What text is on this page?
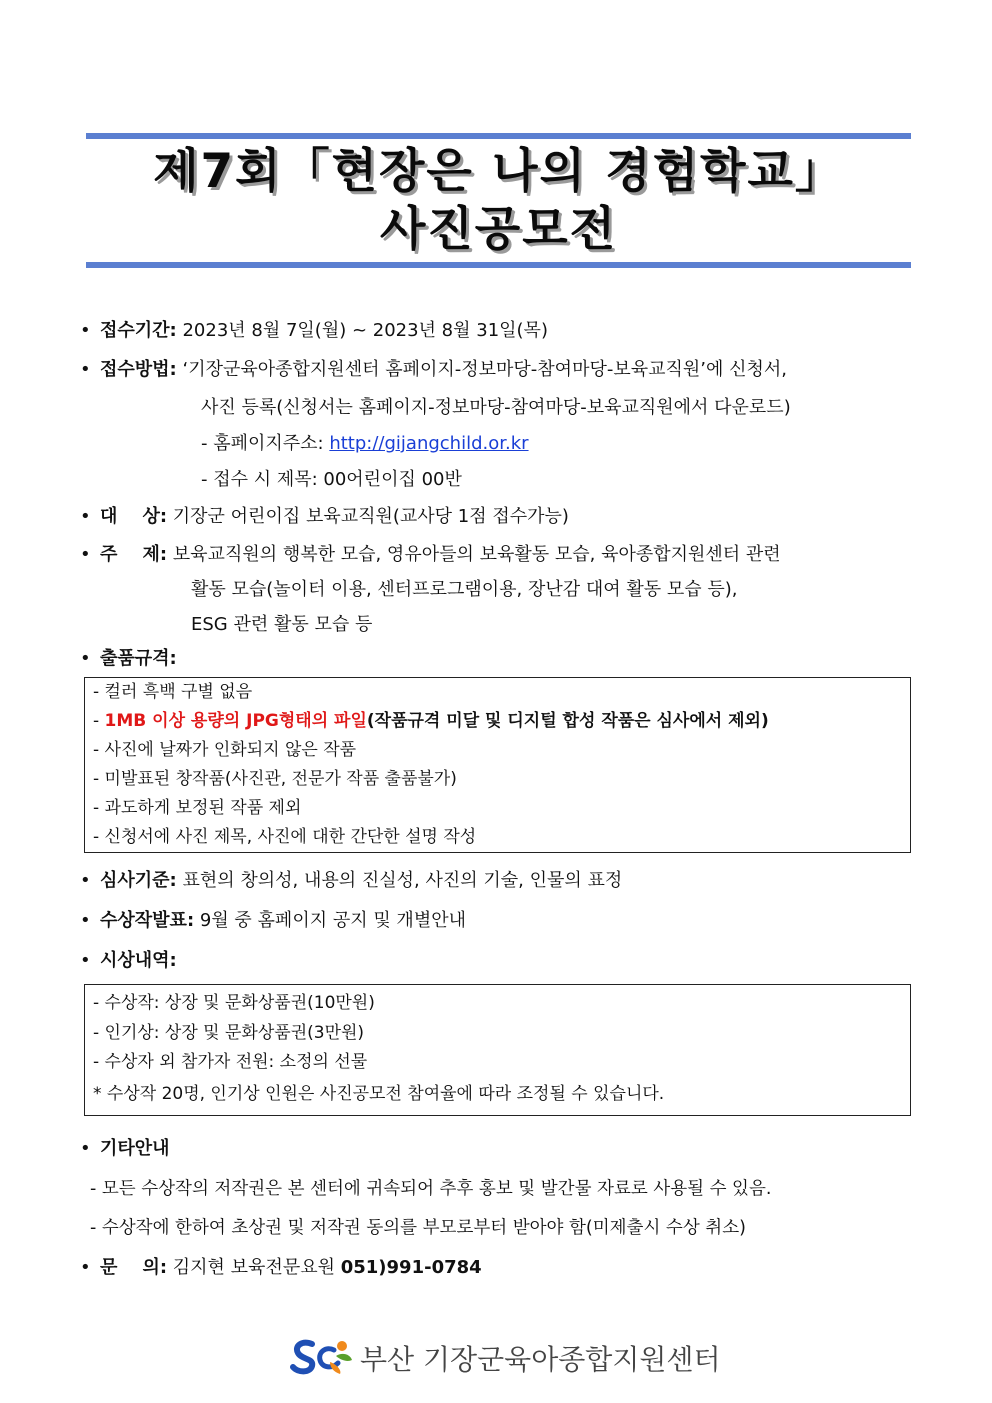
제7회「현장은 나의 경험학교」
사진공모전
• 접수기간: 2023년 8월 7일(월) ~ 2023년 8월 31일(목)
• 접수방법: ‘기장군육아종합지원센터 홈페이지-정보마당-참여마당-보육교직원’에 신청서,
사진 등록(신청서는 홈페이지-정보마당-참여마당-보육교직원에서 다운로드)
- 홈페이지주소: http://gijangchild.or.kr
- 접수 시 제목: 00어린이집 00반
• 대    상: 기장군 어린이집 보육교직원(교사당 1점 접수가능)
• 주    제: 보육교직원의 행복한 모습, 영유아들의 보육활동 모습, 육아종합지원센터 관련
활동 모습(놀이터 이용, 센터프로그램이용, 장난감 대여 활동 모습 등),
ESG 관련 활동 모습 등
• 출품규격:
- 컬러 흑백 구별 없음
- 1MB 이상 용량의 JPG형태의 파일(작품규격 미달 및 디지털 합성 작품은 심사에서 제외)
- 사진에 날짜가 인화되지 않은 작품
- 미발표된 창작품(사진관, 전문가 작품 출품불가)
- 과도하게 보정된 작품 제외
- 신청서에 사진 제목, 사진에 대한 간단한 설명 작성
• 심사기준: 표현의 창의성, 내용의 진실성, 사진의 기술, 인물의 표정
• 수상작발표: 9월 중 홈페이지 공지 및 개별안내
• 시상내역:
- 수상작: 상장 및 문화상품권(10만원)
- 인기상: 상장 및 문화상품권(3만원)
- 수상자 외 참가자 전원: 소정의 선물
* 수상작 20명, 인기상 인원은 사진공모전 참여율에 따라 조정될 수 있습니다.
• 기타안내
- 모든 수상작의 저작권은 본 센터에 귀속되어 추후 홍보 및 발간물 자료로 사용될 수 있음.
- 수상작에 한하여 초상권 및 저작권 동의를 부모로부터 받아야 함(미제출시 수상 취소)
• 문    의: 김지현 보육전문요원 051)991-0784
부산 기장군육아종합지원센터
